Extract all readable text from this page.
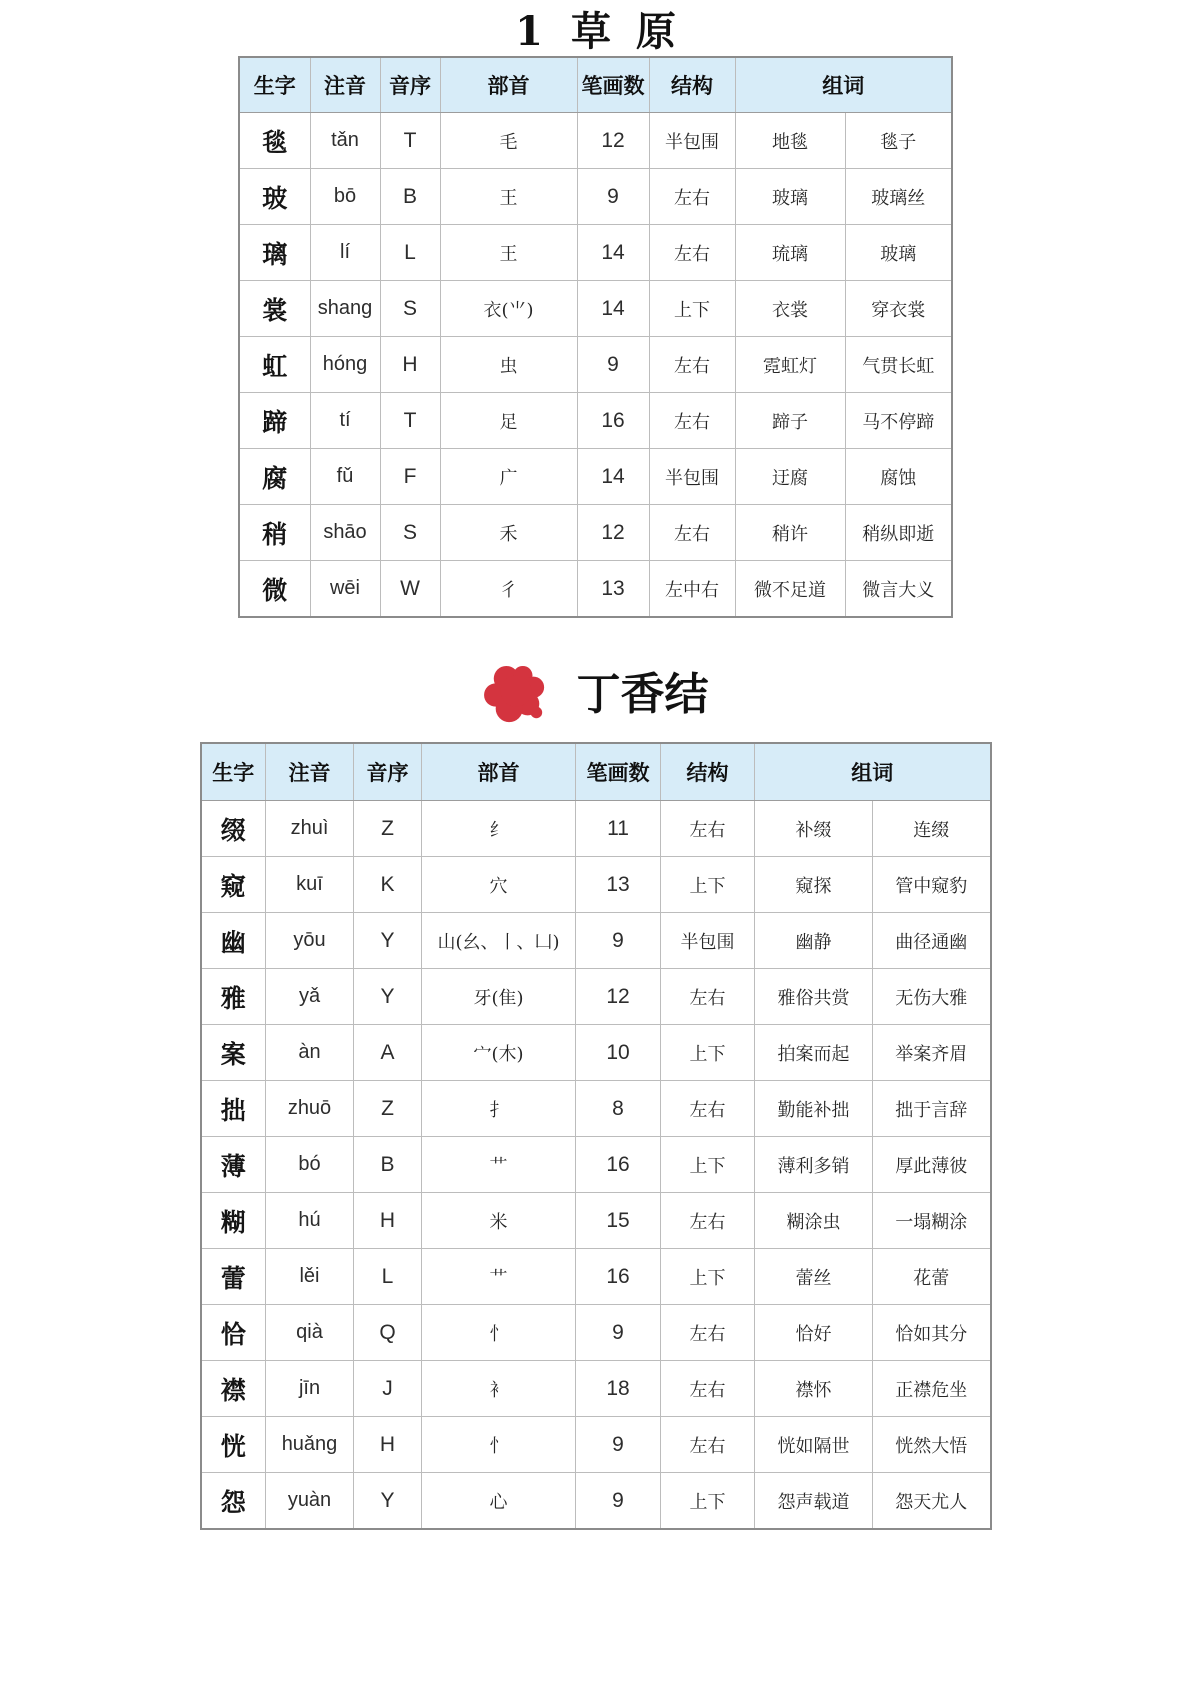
1 草原
生字	注音	音序	部首	笔画数	结构	组词	
毯	tǎn	T	毛	12	半包围	地毯	毯子
玻	bō	B	王	9	左右	玻璃	玻璃丝
璃	lí	L	王	14	左右	琉璃	玻璃
裳	shang	S	衣(⺌)	14	上下	衣裳	穿衣裳
虹	hóng	H	虫	9	左右	霓虹灯	气贯长虹
蹄	tí	T	足	16	左右	蹄子	马不停蹄
腐	fǔ	F	广	14	半包围	迂腐	腐蚀
稍	shāo	S	禾	12	左右	稍许	稍纵即逝
微	wēi	W	彳	13	左中右	微不足道	微言大义
丁香结
生字	注音	音序	部首	笔画数	结构	组词	
缀	zhuì	Z	纟	11	左右	补缀	连缀
窥	kuī	K	穴	13	上下	窥探	管中窥豹
幽	yōu	Y	山(幺、丨、凵)	9	半包围	幽静	曲径通幽
雅	yǎ	Y	牙(隹)	12	左右	雅俗共赏	无伤大雅
案	àn	A	宀(木)	10	上下	拍案而起	举案齐眉
拙	zhuō	Z	扌	8	左右	勤能补拙	拙于言辞
薄	bó	B	艹	16	上下	薄利多销	厚此薄彼
糊	hú	H	米	15	左右	糊涂虫	一塌糊涂
蕾	lěi	L	艹	16	上下	蕾丝	花蕾
恰	qià	Q	忄	9	左右	恰好	恰如其分
襟	jīn	J	衤	18	左右	襟怀	正襟危坐
恍	huǎng	H	忄	9	左右	恍如隔世	恍然大悟
怨	yuàn	Y	心	9	上下	怨声载道	怨天尤人
